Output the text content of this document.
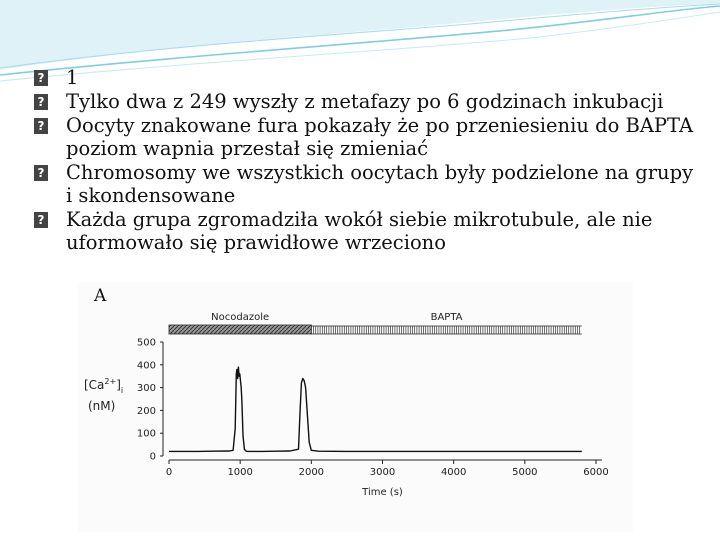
? 1
? Tylko dwa z 249 wyszły z metafazy po 6 godzinach inkubacji
? Oocyty znakowane fura pokazały że po przeniesieniu do BAPTA poziom wapnia przestał się zmieniać
? Chromosomy we wszystkich oocytach były podzielone na grupy i skondensowane
? Każda grupa zgromadziła wokół siebie mikrotubule, ale nie uformowało się prawidłowe wrzeciono
A
Nocodazole	BAPTA
0
100
200
300
400
500
0	1000	2000	3000	4000	5000	6000
Time (s)
$[Ca^{2+}]_i$
(nM)
